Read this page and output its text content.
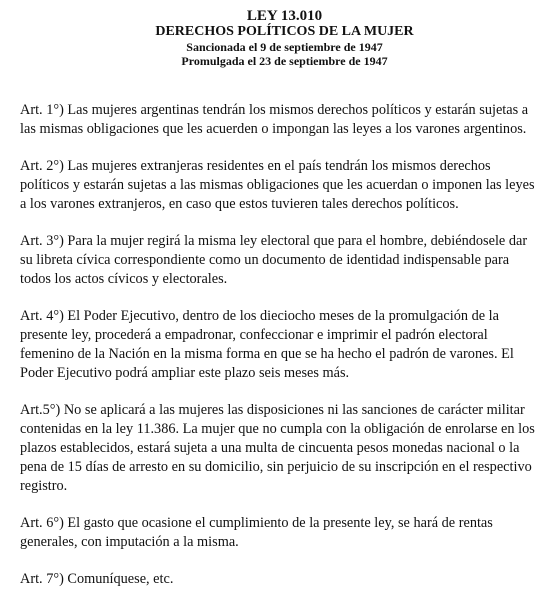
LEY 13.010
DERECHOS POLÍTICOS DE LA MUJER
Sancionada el 9 de septiembre de 1947
Promulgada el 23 de septiembre de 1947

Art. 1°) Las mujeres argentinas tendrán los mismos derechos políticos y estarán sujetas a las mismas obligaciones que les acuerden o impongan las leyes a los varones argentinos.

Art. 2°) Las mujeres extranjeras residentes en el país tendrán los mismos derechos políticos y estarán sujetas a las mismas obligaciones que les acuerdan o imponen las leyes a los varones extranjeros, en caso que estos tuvieren tales derechos políticos.

Art. 3°) Para la mujer regirá la misma ley electoral que para el hombre, debiéndosele dar su libreta cívica correspondiente como un documento de identidad indispensable para todos los actos cívicos y electorales.

Art. 4°) El Poder Ejecutivo, dentro de los dieciocho meses de la promulgación de la presente ley, procederá a empadronar, confeccionar e imprimir el padrón electoral femenino de la Nación en la misma forma en que se ha hecho el padrón de varones. El Poder Ejecutivo podrá ampliar este plazo seis meses más.

Art.5°) No se aplicará a las mujeres las disposiciones ni las sanciones de carácter militar contenidas en la ley 11.386. La mujer que no cumpla con la obligación de enrolarse en los plazos establecidos, estará sujeta a una multa de cincuenta pesos monedas nacional o la pena de 15 días de arresto en su domicilio, sin perjuicio de su inscripción en el respectivo registro.

Art. 6°) El gasto que ocasione el cumplimiento de la presente ley, se hará de rentas generales, con imputación a la misma.

Art. 7°) Comuníquese, etc.
